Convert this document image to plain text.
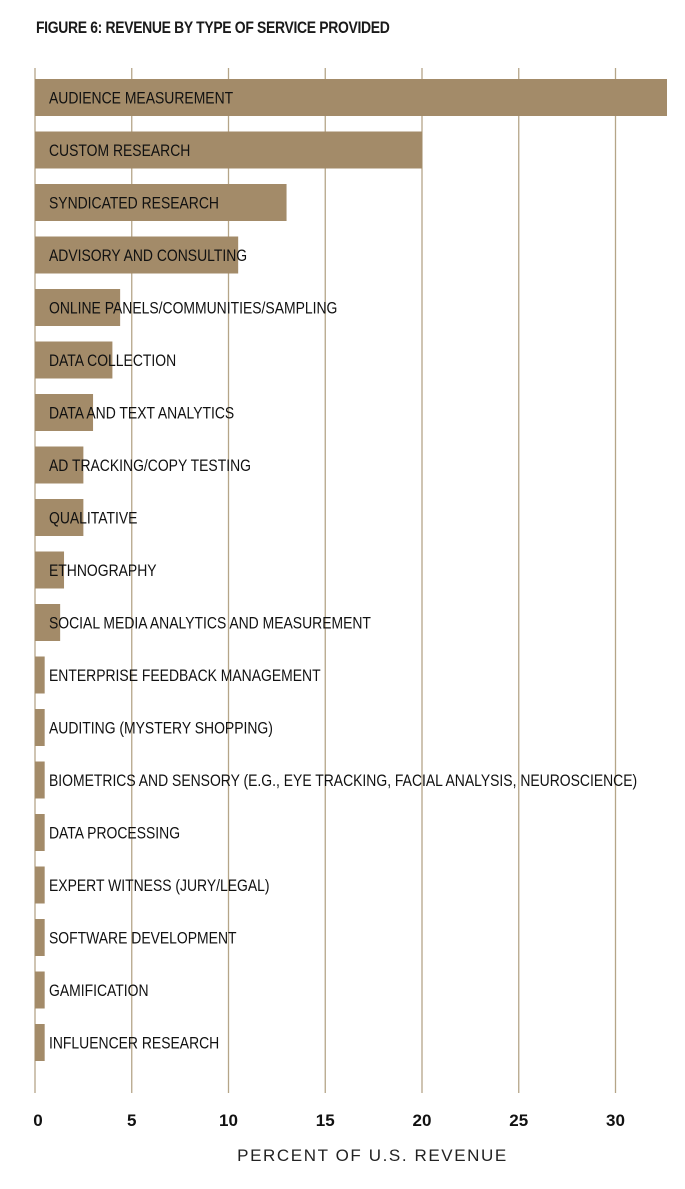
FIGURE 6: REVENUE BY TYPE OF SERVICE PROVIDED
AUDIENCE MEASUREMENT
CUSTOM RESEARCH
SYNDICATED RESEARCH
ADVISORY AND CONSULTING
ONLINE PANELS/COMMUNITIES/SAMPLING
DATA COLLECTION
DATA AND TEXT ANALYTICS
AD TRACKING/COPY TESTING
QUALITATIVE
ETHNOGRAPHY
SOCIAL MEDIA ANALYTICS AND MEASUREMENT
ENTERPRISE FEEDBACK MANAGEMENT
AUDITING (MYSTERY SHOPPING)
BIOMETRICS AND SENSORY (E.G., EYE TRACKING, FACIAL ANALYSIS, NEUROSCIENCE)
DATA PROCESSING
EXPERT WITNESS (JURY/LEGAL)
SOFTWARE DEVELOPMENT
GAMIFICATION
INFLUENCER RESEARCH
0	5	10	15	20	25	30
PERCENT OF U.S. REVENUE
